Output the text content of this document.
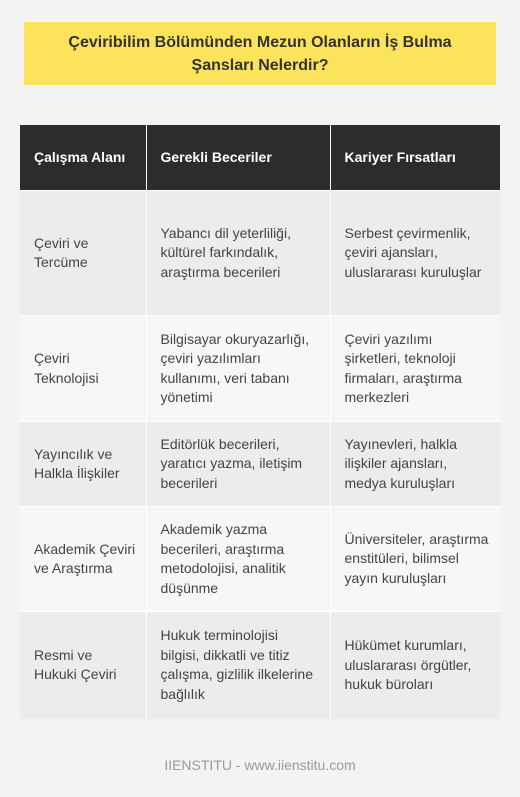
Çeviribilim Bölümünden Mezun Olanların İş Bulma Şansları Nelerdir?
Çalışma Alanı	Gerekli Beceriler	Kariyer Fırsatları
Çeviri ve Tercüme	Yabancı dil yeterliliği, kültürel farkındalık, araştırma becerileri	Serbest çevirmenlik, çeviri ajansları, uluslararası kuruluşlar
Çeviri Teknolojisi	Bilgisayar okuryazarlığı, çeviri yazılımları kullanımı, veri tabanı yönetimi	Çeviri yazılımı şirketleri, teknoloji firmaları, araştırma merkezleri
Yayıncılık ve Halkla İlişkiler	Editörlük becerileri, yaratıcı yazma, iletişim becerileri	Yayınevleri, halkla ilişkiler ajansları, medya kuruluşları
Akademik Çeviri ve Araştırma	Akademik yazma becerileri, araştırma metodolojisi, analitik düşünme	Üniversiteler, araştırma enstitüleri, bilimsel yayın kuruluşları
Resmi ve Hukuki Çeviri	Hukuk terminolojisi bilgisi, dikkatli ve titiz çalışma, gizlilik ilkelerine bağlılık	Hükümet kurumları, uluslararası örgütler, hukuk büroları
IIENSTITU - www.iienstitu.com
